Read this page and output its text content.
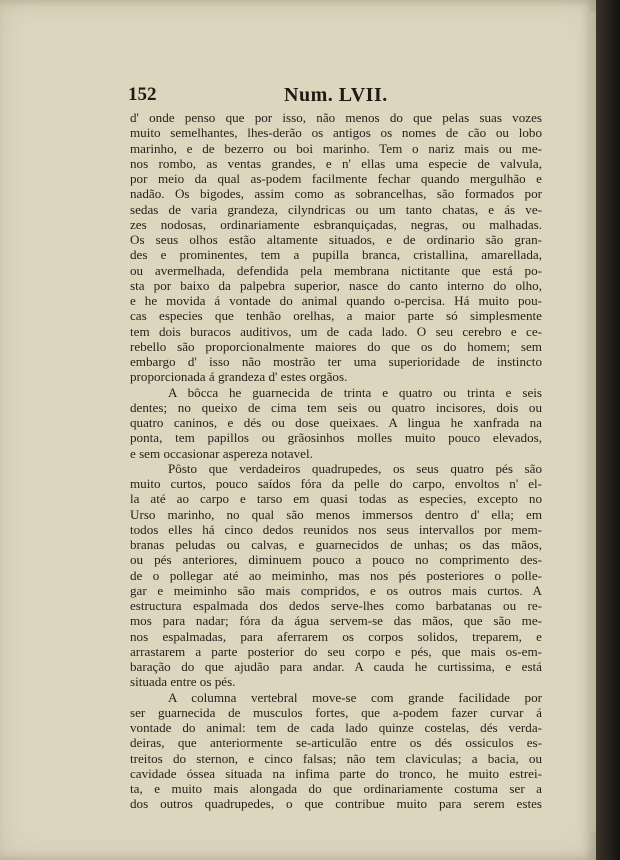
152	Num. LVII.

d' onde penso que por isso, não menos do que pelas suas vozes
muito semelhantes, lhes-derão os antigos os nomes de cão ou lobo
marinho, e de bezerro ou boi marinho. Tem o nariz mais ou me-
nos rombo, as ventas grandes, e n' ellas uma especie de valvula,
por meio da qual as-podem facilmente fechar quando mergulhão e
nadão. Os bigodes, assim como as sobrancelhas, são formados por
sedas de varia grandeza, cilyndricas ou um tanto chatas, e ás ve-
zes nodosas, ordinariamente esbranquiçadas, negras, ou malhadas.
Os seus olhos estão altamente situados, e de ordinario são gran-
des e prominentes, tem a pupilla branca, cristallina, amarellada,
ou avermelhada, defendida pela membrana nictitante que está po-
sta por baixo da palpebra superior, nasce do canto interno do olho,
e he movida á vontade do animal quando o-percisa. Há muito pou-
cas especies que tenhão orelhas, a maior parte só simplesmente
tem dois buracos auditivos, um de cada lado. O seu cerebro e ce-
rebello são proporcionalmente maiores do que os do homem; sem
embargo d' isso não mostrão ter uma superioridade de instincto
proporcionada á grandeza d' estes orgãos.

A bôcca he guarnecida de trinta e quatro ou trinta e seis
dentes; no queixo de cima tem seis ou quatro incisores, dois ou
quatro caninos, e dés ou dose queixaes. A lingua he xanfrada na
ponta, tem papillos ou grãosinhos molles muito pouco elevados,
e sem occasionar aspereza notavel.

Pôsto que verdadeiros quadrupedes, os seus quatro pés são
muito curtos, pouco saídos fóra da pelle do carpo, envoltos n' el-
la até ao carpo e tarso em quasi todas as especies, excepto no
Urso marinho, no qual são menos immersos dentro d' ella; em
todos elles há cinco dedos reunidos nos seus intervallos por mem-
branas peludas ou calvas, e guarnecidos de unhas; os das mãos,
ou pés anteriores, diminuem pouco a pouco no comprimento des-
de o pollegar até ao meiminho, mas nos pés posteriores o polle-
gar e meiminho são mais compridos, e os outros mais curtos. A
estructura espalmada dos dedos serve-lhes como barbatanas ou re-
mos para nadar; fóra da água servem-se das mãos, que são me-
nos espalmadas, para aferrarem os corpos solidos, treparem, e
arrastarem a parte posterior do seu corpo e pés, que mais os-em-
baração do que ajudão para andar. A cauda he curtissima, e está
situada entre os pés.

A columna vertebral move-se com grande facilidade por
ser guarnecida de musculos fortes, que a-podem fazer curvar á
vontade do animal: tem de cada lado quinze costelas, dés verda-
deiras, que anteriormente se-articulão entre os dés ossiculos es-
treitos do sternon, e cinco falsas; não tem claviculas; a bacia, ou
cavidade óssea situada na infima parte do tronco, he muito estrei-
ta, e muito mais alongada do que ordinariamente costuma ser a
dos outros quadrupedes, o que contribue muito para serem estes
